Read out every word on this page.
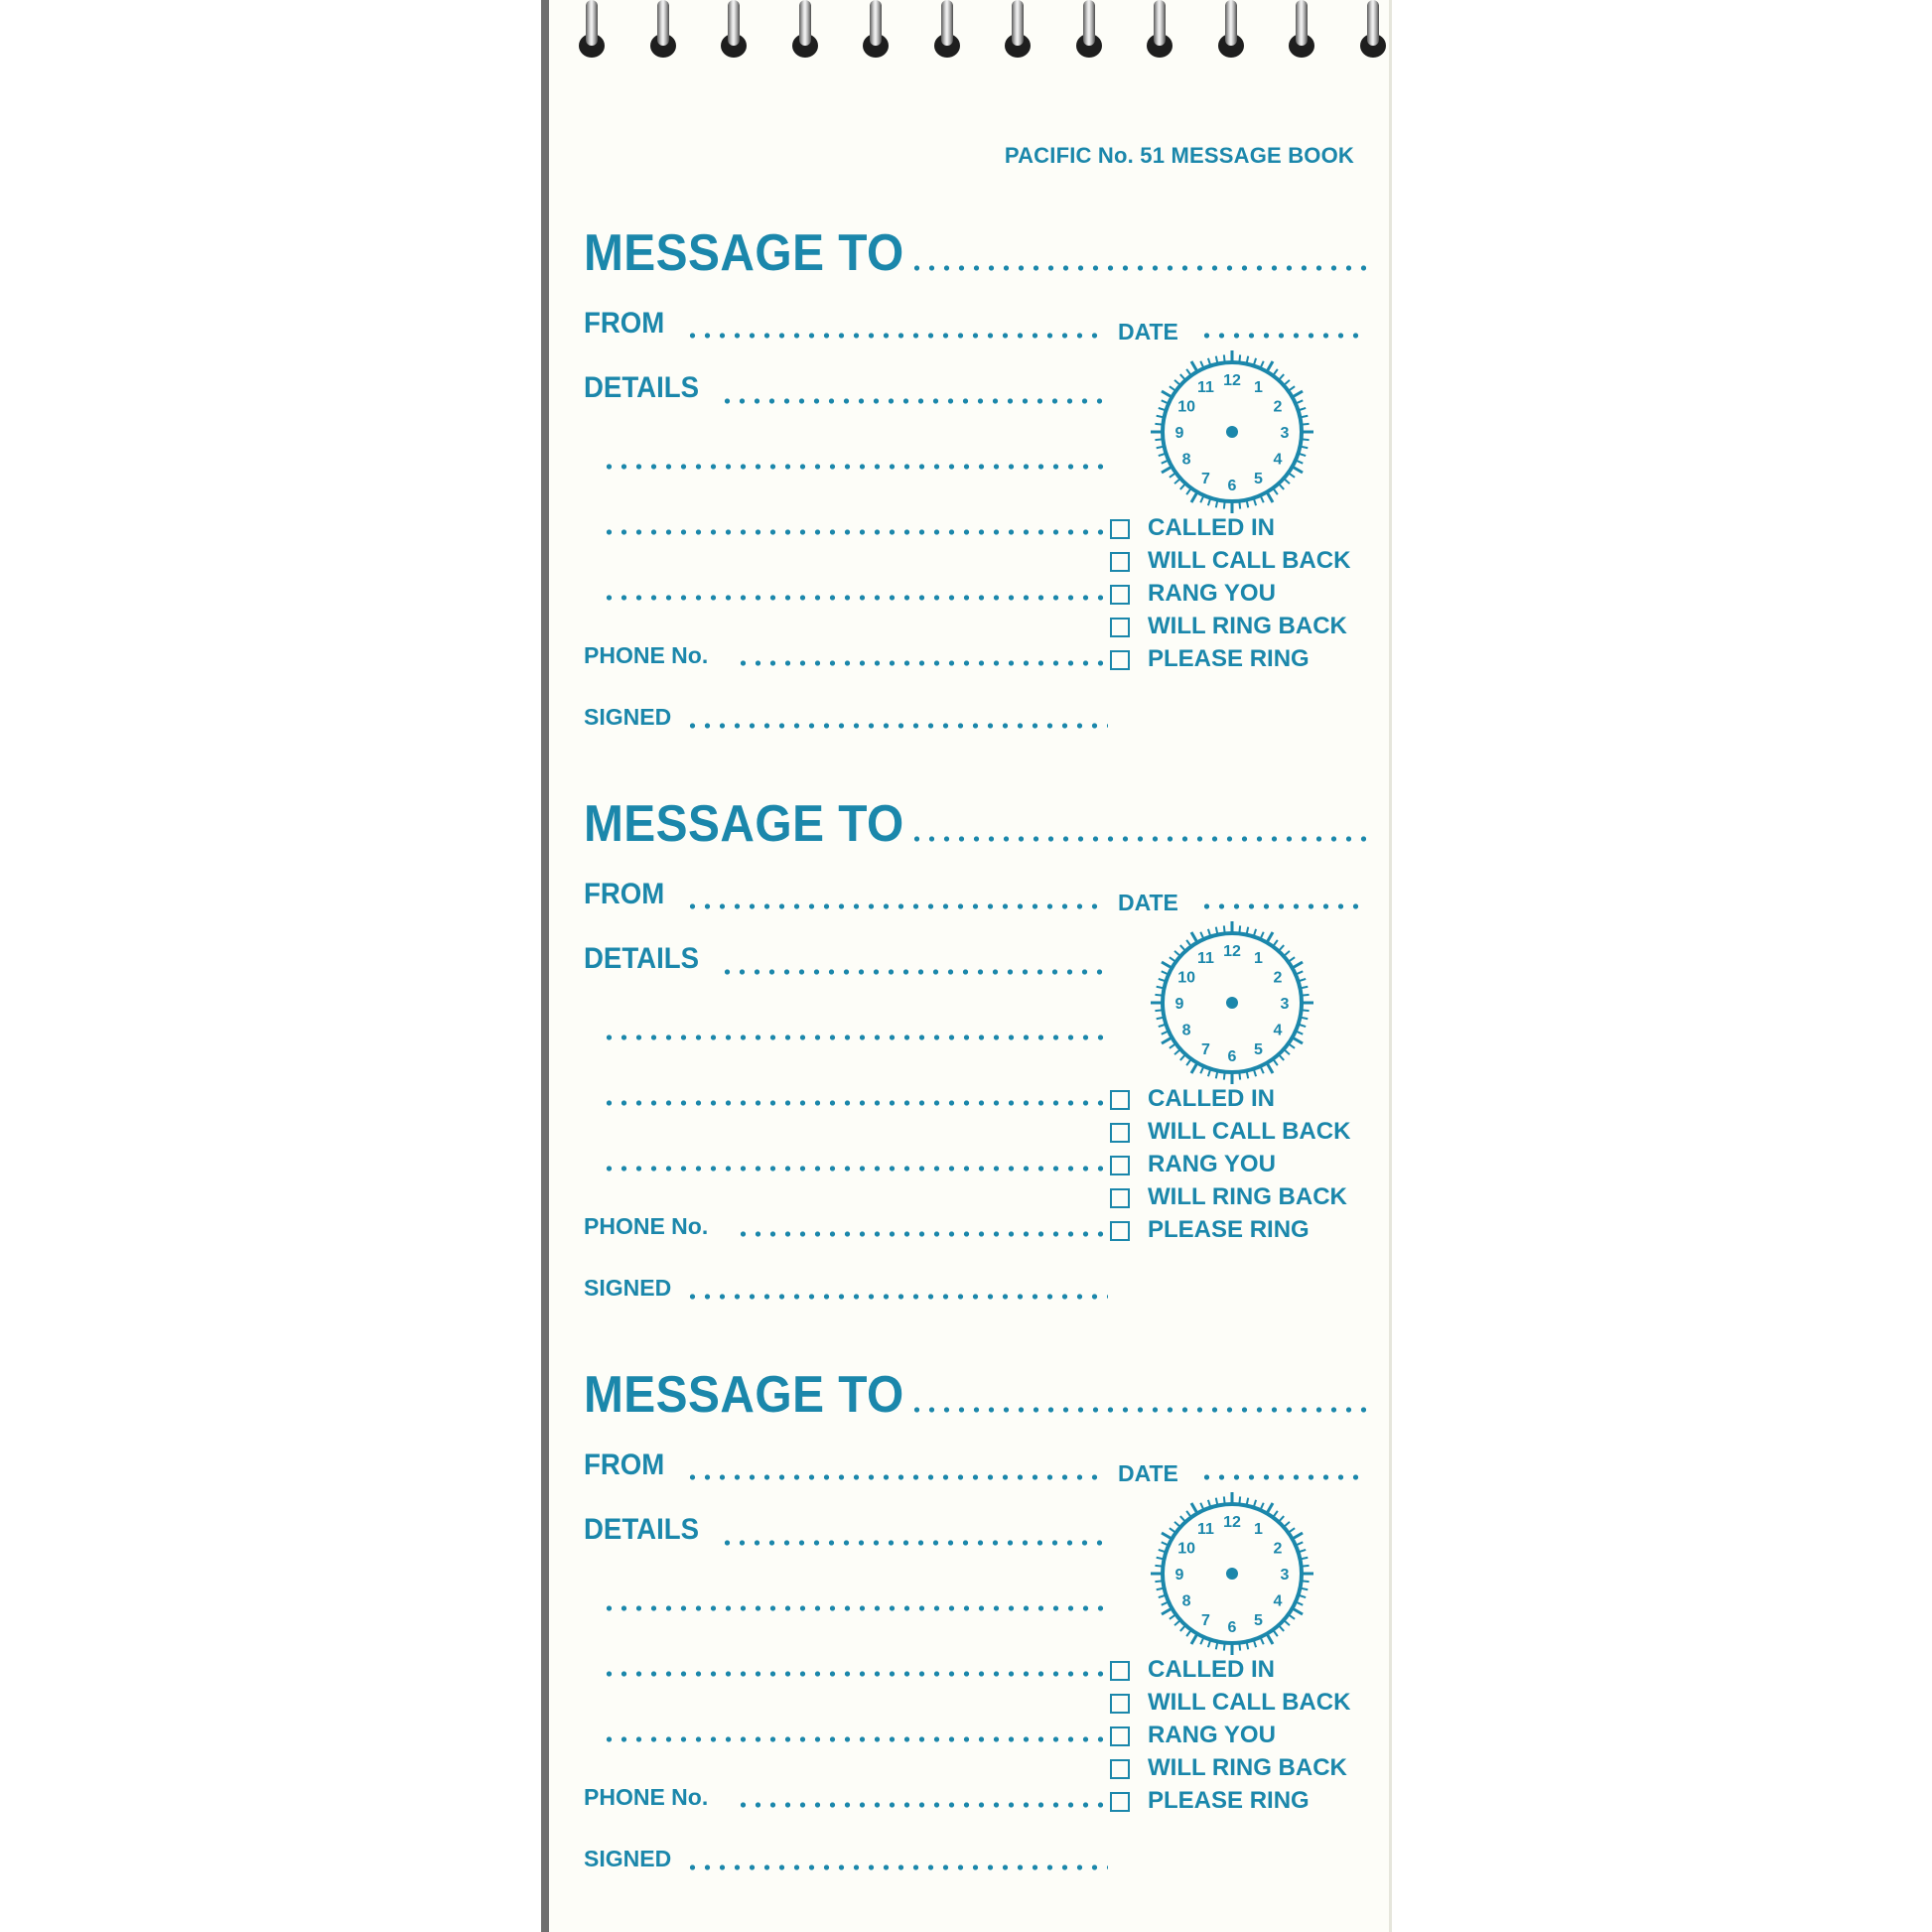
PACIFIC No. 51 MESSAGE BOOK
MESSAGE TO
FROM	DATE
DETAILS
PHONE No.
SIGNED
12 1
2
3
4
5
6
7
8
9
10
11
CALLED IN
WILL CALL BACK
RANG YOU
WILL RING BACK
PLEASE RING
MESSAGE TO
FROM	DATE
DETAILS
PHONE No.
SIGNED
12 1
2
3
4
5
6
7
8
9
10
11
CALLED IN
WILL CALL BACK
RANG YOU
WILL RING BACK
PLEASE RING
MESSAGE TO
FROM	DATE
DETAILS
PHONE No.
SIGNED
12 1
2
3
4
5
6
7
8
9
10
11
CALLED IN
WILL CALL BACK
RANG YOU
WILL RING BACK
PLEASE RING
